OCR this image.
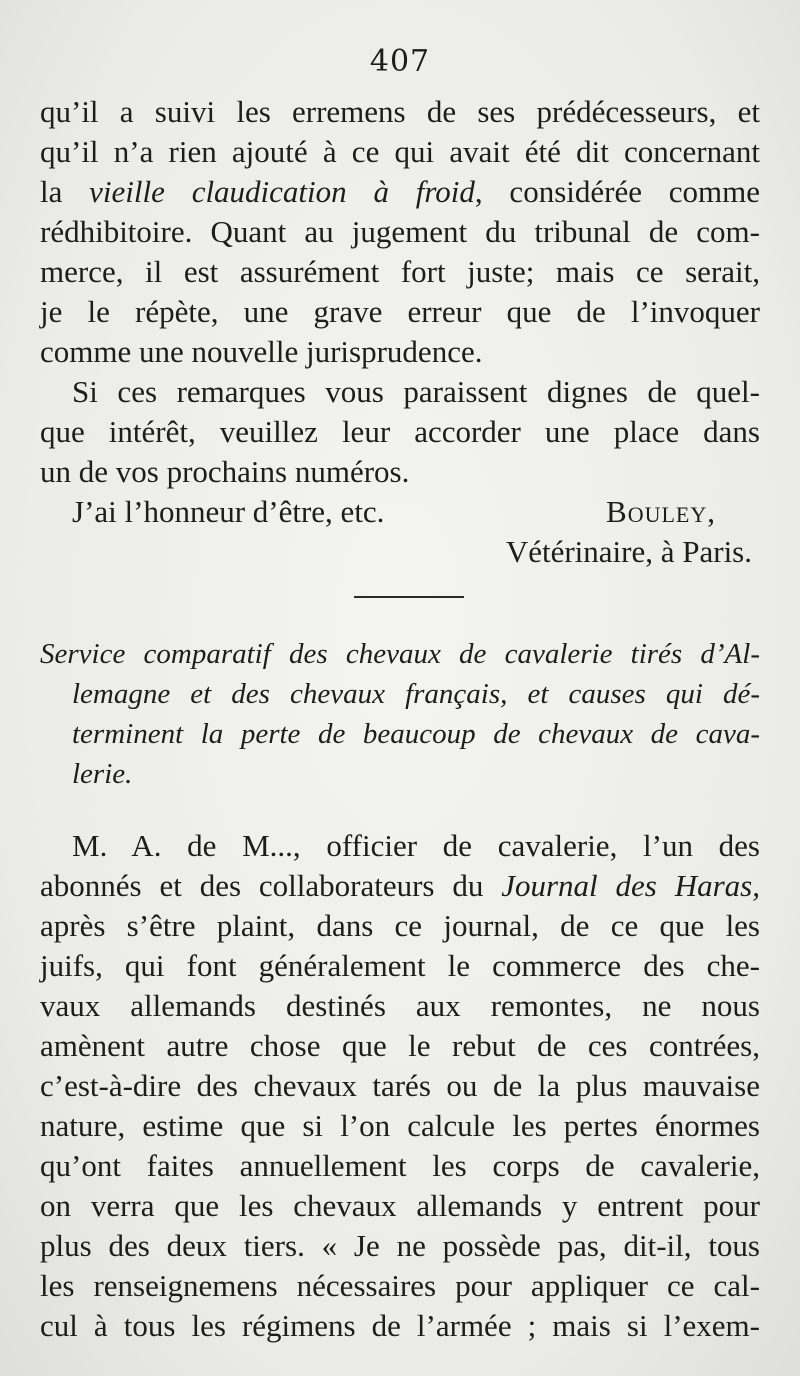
407
qu’il a suivi les erremens de ses prédécesseurs, et
qu’il n’a rien ajouté à ce qui avait été dit concernant
la vieille claudication à froid, considérée comme
rédhibitoire. Quant au jugement du tribunal de com-
merce, il est assurément fort juste; mais ce serait,
je le répète, une grave erreur que de l’invoquer
comme une nouvelle jurisprudence.
Si ces remarques vous paraissent dignes de quel-
que intérêt, veuillez leur accorder une place dans
un de vos prochains numéros.
J’ai l’honneur d’être, etc.	Bouley,
Vétérinaire, à Paris.
Service comparatif des chevaux de cavalerie tirés d’Al-
lemagne et des chevaux français, et causes qui dé-
terminent la perte de beaucoup de chevaux de cava-
lerie.
M. A. de M..., officier de cavalerie, l’un des
abonnés et des collaborateurs du Journal des Haras,
après s’être plaint, dans ce journal, de ce que les
juifs, qui font généralement le commerce des che-
vaux allemands destinés aux remontes, ne nous
amènent autre chose que le rebut de ces contrées,
c’est-à-dire des chevaux tarés ou de la plus mauvaise
nature, estime que si l’on calcule les pertes énormes
qu’ont faites annuellement les corps de cavalerie,
on verra que les chevaux allemands y entrent pour
plus des deux tiers. « Je ne possède pas, dit-il, tous
les renseignemens nécessaires pour appliquer ce cal-
cul à tous les régimens de l’armée ; mais si l’exem-
